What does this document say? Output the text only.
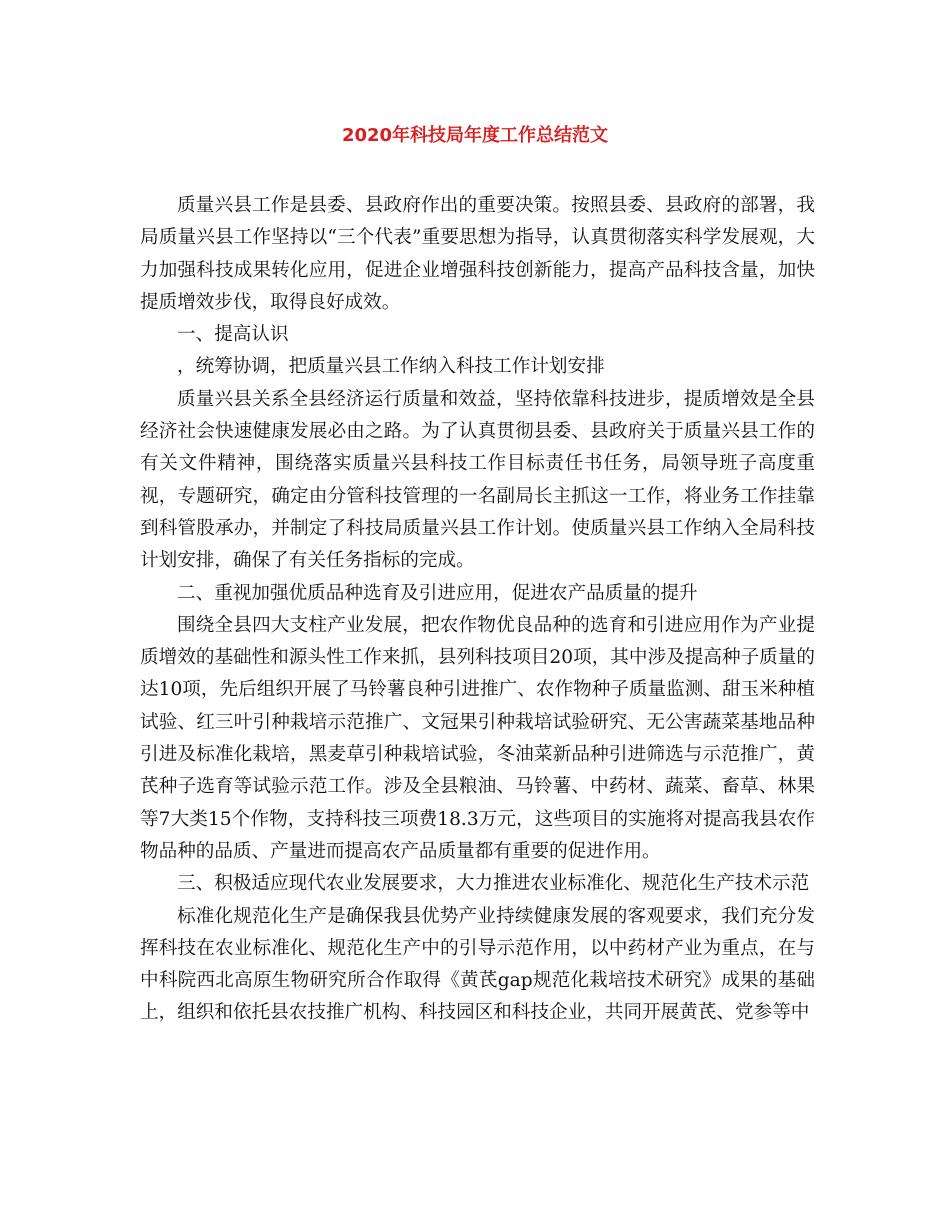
2020年科技局年度工作总结范文

质量兴县工作是县委、县政府作出的重要决策。按照县委、县政府的部署，我局质量兴县工作坚持以“三个代表”重要思想为指导，认真贯彻落实科学发展观，大力加强科技成果转化应用，促进企业增强科技创新能力，提高产品科技含量，加快提质增效步伐，取得良好成效。

一、提高认识

，统筹协调，把质量兴县工作纳入科技工作计划安排

质量兴县关系全县经济运行质量和效益，坚持依靠科技进步，提质增效是全县经济社会快速健康发展必由之路。为了认真贯彻县委、县政府关于质量兴县工作的有关文件精神，围绕落实质量兴县科技工作目标责任书任务，局领导班子高度重视，专题研究，确定由分管科技管理的一名副局长主抓这一工作，将业务工作挂靠到科管股承办，并制定了科技局质量兴县工作计划。使质量兴县工作纳入全局科技计划安排，确保了有关任务指标的完成。

二、重视加强优质品种选育及引进应用，促进农产品质量的提升

围绕全县四大支柱产业发展，把农作物优良品种的选育和引进应用作为产业提质增效的基础性和源头性工作来抓，县列科技项目20项，其中涉及提高种子质量的达10项，先后组织开展了马铃薯良种引进推广、农作物种子质量监测、甜玉米种植试验、红三叶引种栽培示范推广、文冠果引种栽培试验研究、无公害蔬菜基地品种引进及标准化栽培，黑麦草引种栽培试验，冬油菜新品种引进筛选与示范推广，黄芪种子选育等试验示范工作。涉及全县粮油、马铃薯、中药材、蔬菜、畜草、林果等7大类15个作物，支持科技三项费18.3万元，这些项目的实施将对提高我县农作物品种的品质、产量进而提高农产品质量都有重要的促进作用。

三、积极适应现代农业发展要求，大力推进农业标准化、规范化生产技术示范

标准化规范化生产是确保我县优势产业持续健康发展的客观要求，我们充分发挥科技在农业标准化、规范化生产中的引导示范作用，以中药材产业为重点，在与中科院西北高原生物研究所合作取得《黄芪gap规范化栽培技术研究》成果的基础上，组织和依托县农技推广机构、科技园区和科技企业，共同开展黄芪、党参等中
